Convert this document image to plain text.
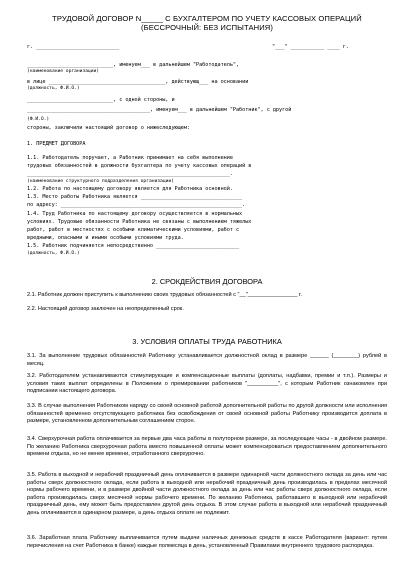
ТРУДОВОЙ ДОГОВОР N_____ С БУХГАЛТЕРОМ ПО УЧЕТУ КАССОВЫХ ОПЕРАЦИЙ
(БЕССРОЧНЫЙ: БЕЗ ИСПЫТАНИЯ)
г. ___________________________	"___" ___________ ____ г.
____________________________, именуем___ в дальнейшем "Работодатель",
(наименование организации)
в лице ______________________________________, действующ___ на основании
(должность, Ф.И.О.)
____________________________, с одной стороны, и
________________________________________, именуем___ в дальнейшем "Работник", с другой
(Ф.И.О.)
стороны, заключили настоящий договор о нижеследующем:
1. ПРЕДМЕТ ДОГОВОРА
1.1. Работодатель поручает, а Работник принимает на себя выполнение
трудовых обязанностей в должности бухгалтера по учету кассовых операций в
__________________________________________________________________.
(наименование структурного подразделения организации)
1.2. Работа по настоящему договору является для Работника основной.
1.3. Место работы Работника является _________________________________
по адресу: ___________________________________________________________.
1.4. Труд Работника по настоящему договору осуществляется в нормальных
условиях. Трудовые обязанности Работника не связаны с выполнением тяжелых
работ, работ в местностях с особыми климатическими условиями, работ с
вредными, опасными и иными особыми условиями труда.
1.5. Работник подчиняется непосредственно ___________________________
(должность, Ф.И.О.)
2. СРОКДЕЙСТВИЯ ДОГОВОРА
2.1. Работник должен приступить к выполнению своих трудовых обязанностей с "__"________________ г.
2.2. Настоящий договор заключен на неопределенный срок.
3. УСЛОВИЯ ОПЛАТЫ ТРУДА РАБОТНИКА
3.1. За выполнение трудовых обязанностей Работнику устанавливается должностной оклад в размере ______ (________) рублей в месяц.
3.2. Работодателем устанавливаются стимулирующие и компенсационные выплаты (доплаты, надбавки, премии и т.п.). Размеры и условия таких выплат определены в Положении о премировании работников "__________", с которым Работник ознакомлен при подписании настоящего договора.
3.3. В случае выполнения Работником наряду со своей основной работой дополнительной работы по другой должности или исполнения обязанностей временно отсутствующего работника без освобождения от своей основной работы Работнику производится доплата в размере, установленном дополнительным соглашением сторон.
3.4. Сверхурочная работа оплачивается за первые два часа работы в полуторном размере, за последующие часы - в двойном размере. По желанию Работника сверхурочная работа вместо повышенной оплаты может компенсироваться предоставлением дополнительного времени отдыха, но не менее времени, отработанного сверхурочно.
3.5. Работа в выходной и нерабочий праздничный день оплачивается в размере одинарной части должностного оклада за день или час работы сверх должностного оклада, если работа в выходной или нерабочий праздничный день производилась в пределах месячной нормы рабочего времени, и в размере двойной части должностного оклада за день или час работы сверх должностного оклада, если работа производилась сверх месячной нормы рабочего времени. По желанию Работника, работавшего в выходной или нерабочий праздничный день, ему может быть предоставлен другой день отдыха. В этом случае работа в выходной или нерабочий праздничный день оплачивается в одинарном размере, а день отдыха оплате не подлежит.
3.6. Заработная плата Работнику выплачивается путем выдачи наличных денежных средств в кассе Работодателя (вариант: путем перечисления на счет Работника в банке) каждые полмесяца в день, установленный Правилами внутреннего трудового распорядка.
